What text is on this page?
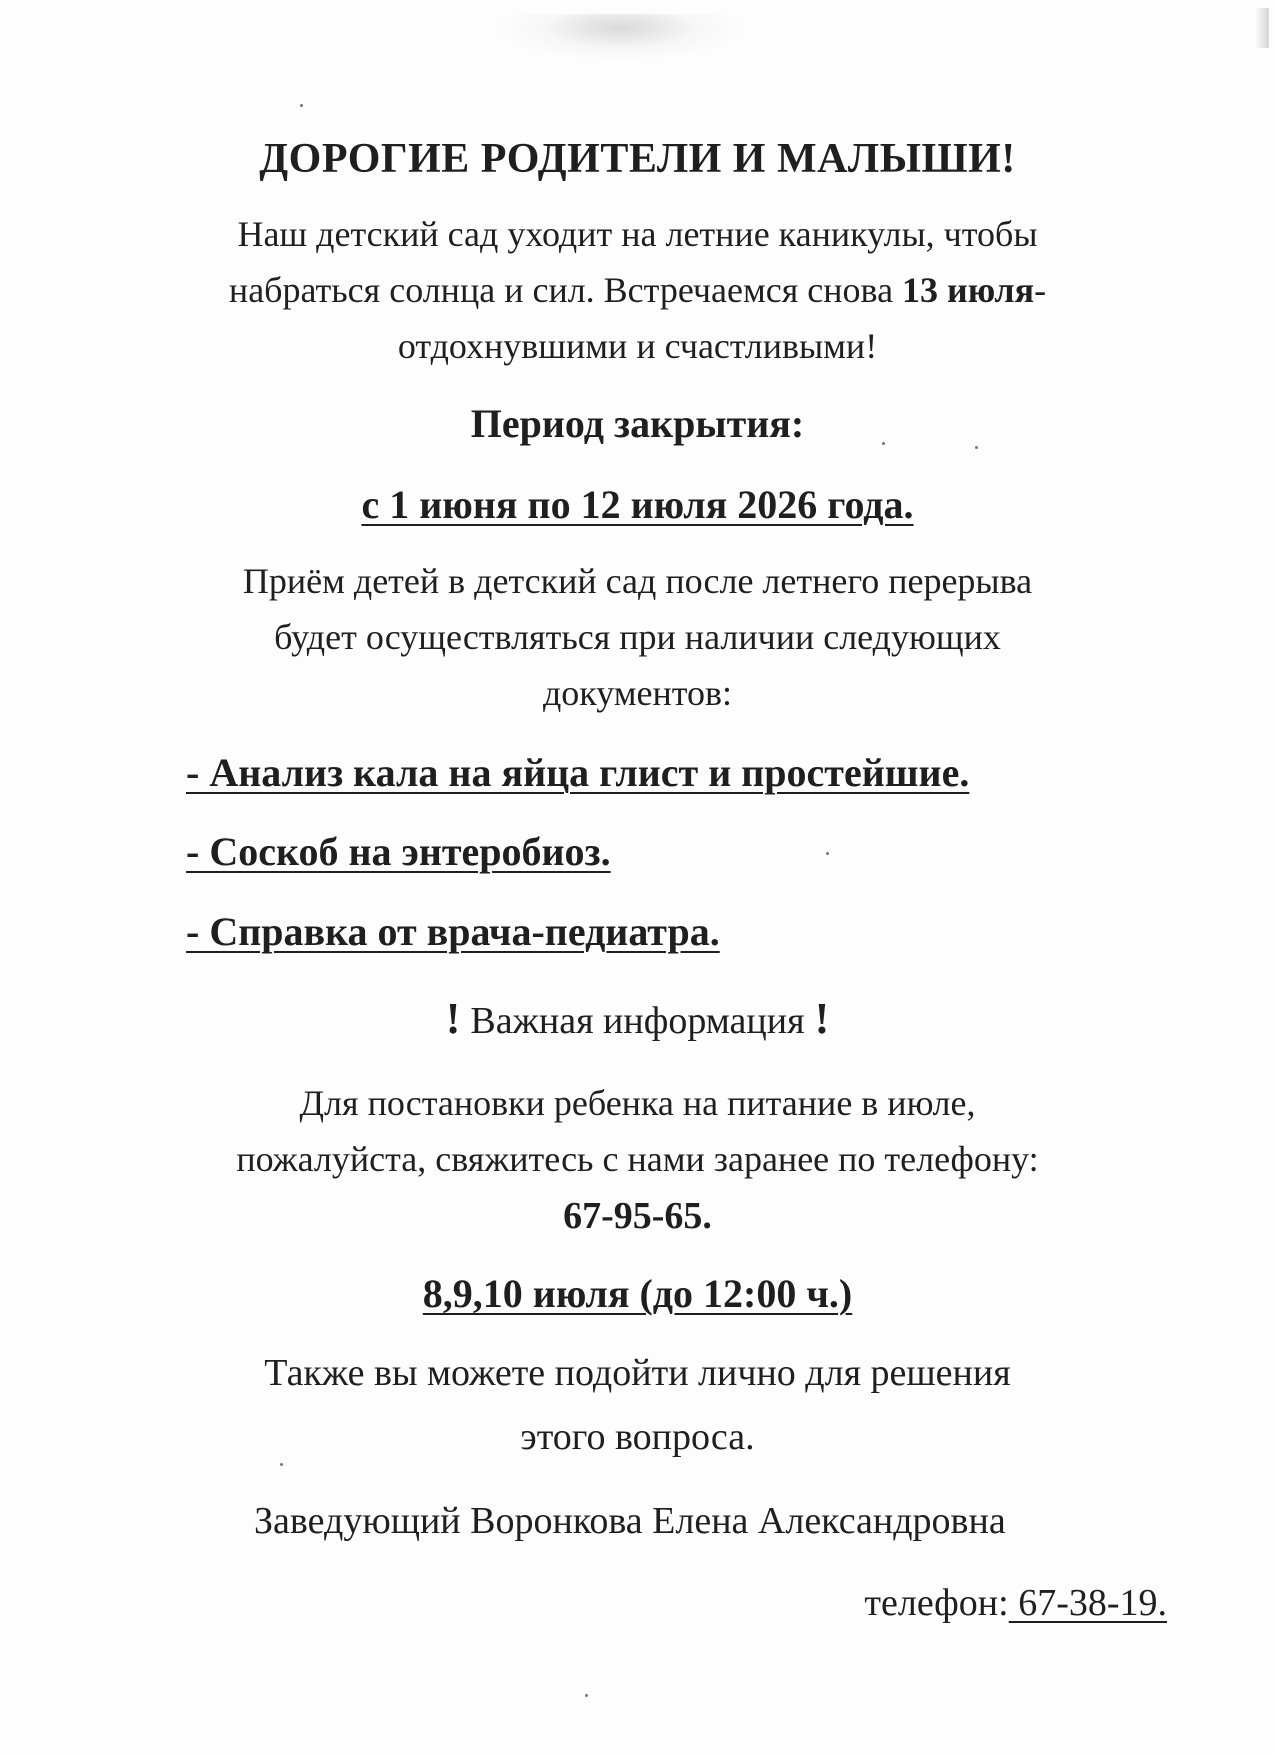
ДОРОГИЕ РОДИТЕЛИ И МАЛЫШИ!
Наш детский сад уходит на летние каникулы, чтобы
набраться солнца и сил. Встречаемся снова 13 июля-
отдохнувшими и счастливыми!
Период закрытия:
с 1 июня по 12 июля 2026 года.
Приём детей в детский сад после летнего перерыва
будет осуществляться при наличии следующих
документов:
- Анализ кала на яйца глист и простейшие.
- Соскоб на энтеробиоз.
- Справка от врача-педиатра.
! Важная информация !
Для постановки ребенка на питание в июле,
пожалуйста, свяжитесь с нами заранее по телефону:
67-95-65.
8,9,10 июля (до 12:00 ч.)
Также вы можете подойти лично для решения
этого вопроса.
Заведующий Воронкова Елена Александровна
телефон: 67-38-19.
